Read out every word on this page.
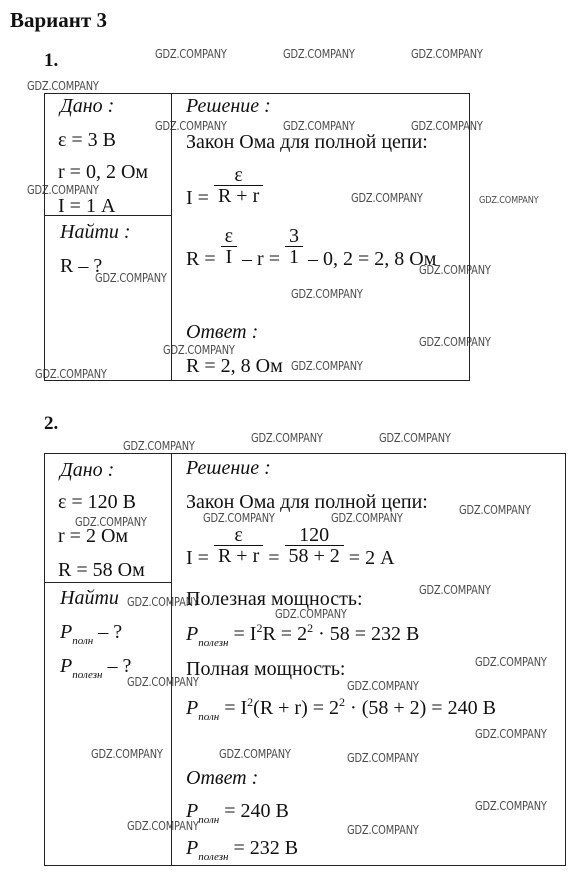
Вариант 3
1.
Дано :
ε = 3 В
r = 0, 2 Ом
I = 1 А
Найти :
R – ?
Решение :
Закон Ома для полной цепи:
$I = \frac{\varepsilon}{R + r}$
$R = \frac{\varepsilon}{I} - r = \frac{3}{1} - 0$, 2 = 2, 8 Ом
Ответ :
R = 2, 8 Ом
2.
Дано :
ε = 120 В
r = 2 Ом
R = 58 Ом
Найти
$P_{полн}$ – ?
$P_{полезн}$ – ?
Решение :
Закон Ома для полной цепи:
$I = \frac{\varepsilon}{R + r} = \frac{120}{58 + 2} = 2$ А
Полезная мощность:
$P_{полезн} = I^2R = 2^2 \cdot 58 = 232$ В
Полная мощность:
$P_{полн} = I^2(R + r) = 2^2 \cdot (58 + 2) = 240$ В
Ответ :
$P_{полн} = 240$ В
$P_{полезн} = 232$ В
GDZ.COMPANY	GDZ.COMPANY	GDZ.COMPANY
GDZ.COMPANY
GDZ.COMPANY	GDZ.COMPANY	GDZ.COMPANY
GDZ.COMPANY
GDZ.COMPANY	GDZ.COMPANY
GDZ.COMPANY
GDZ.COMPANY
GDZ.COMPANY
GDZ.COMPANY
GDZ.COMPANY
GDZ.COMPANY
GDZ.COMPANY
GDZ.COMPANY	GDZ.COMPANY
GDZ.COMPANY
GDZ.COMPANY
GDZ.COMPANY	GDZ.COMPANY
GDZ.COMPANY
GDZ.COMPANY
GDZ.COMPANY
GDZ.COMPANY
GDZ.COMPANY
GDZ.COMPANY	GDZ.COMPANY
GDZ.COMPANY
GDZ.COMPANY	GDZ.COMPANY	GDZ.COMPANY
GDZ.COMPANY
GDZ.COMPANY	GDZ.COMPANY
